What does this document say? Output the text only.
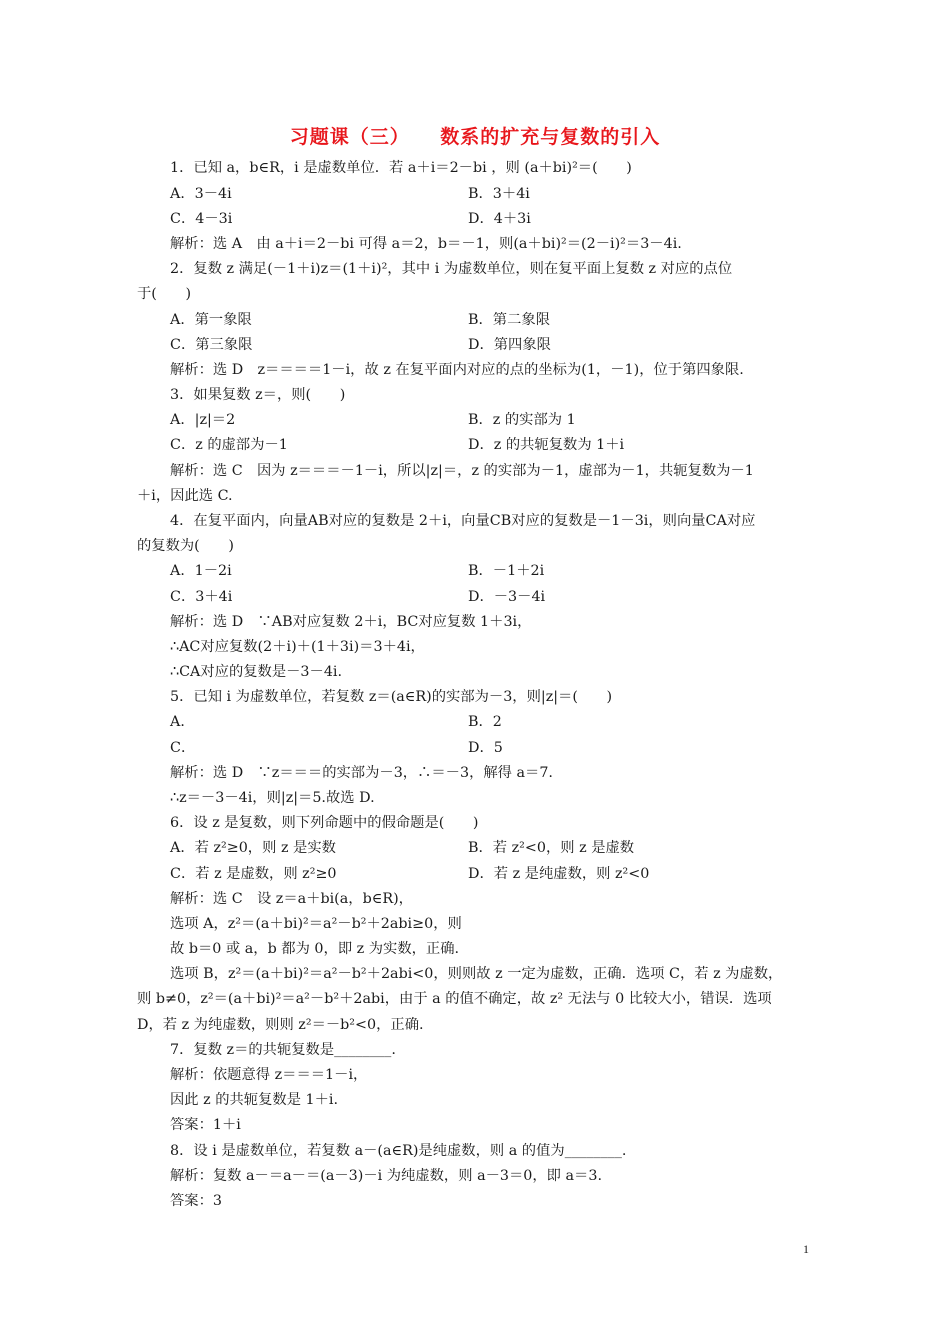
习题课（三）    数系的扩充与复数的引入
1．已知 a，b∈R，i 是虚数单位．若 a＋i＝2－bi ，则 (a＋bi)²＝(　　)
A．3－4i	B．3＋4i
C．4－3i	D．4＋3i
解析：选 A　由 a＋i＝2－bi 可得 a＝2，b＝－1，则(a＋bi)²＝(2－i)²＝3－4i.
2．复数 z 满足(－1＋i)z＝(1＋i)²，其中 i 为虚数单位，则在复平面上复数 z 对应的点位
于(　　)
A．第一象限	B．第二象限
C．第三象限	D．第四象限
解析：选 D　z＝＝＝＝1－i，故 z 在复平面内对应的点的坐标为(1，－1)，位于第四象限.
3．如果复数 z＝，则(　　)
A．|z|＝2	B．z 的实部为 1
C．z 的虚部为－1	D．z 的共轭复数为 1＋i
解析：选 C　因为 z＝＝＝－1－i，所以|z|＝，z 的实部为－1，虚部为－1，共轭复数为－1
＋i，因此选 C.
4．在复平面内，向量AB对应的复数是 2＋i，向量CB对应的复数是－1－3i，则向量CA对应
的复数为(　　)
A．1－2i	B．－1＋2i
C．3＋4i	D．－3－4i
解析：选 D　∵AB对应复数 2＋i，BC对应复数 1＋3i，
∴AC对应复数(2＋i)＋(1＋3i)＝3＋4i，
∴CA对应的复数是－3－4i.
5．已知 i 为虚数单位，若复数 z＝(a∈R)的实部为－3，则|z|＝(　　)
A．	B．2
C．	D．5
解析：选 D　∵z＝＝＝的实部为－3，∴＝－3，解得 a＝7.
∴z＝－3－4i，则|z|＝5.故选 D.
6．设 z 是复数，则下列命题中的假命题是(　　)
A．若 z²≥0，则 z 是实数	B．若 z²<0，则 z 是虚数
C．若 z 是虚数，则 z²≥0	D．若 z 是纯虚数，则 z²<0
解析：选 C　设 z＝a＋bi(a，b∈R)，
选项 A，z²＝(a＋bi)²＝a²－b²＋2abi≥0，则
故 b＝0 或 a，b 都为 0，即 z 为实数，正确.
选项 B，z²＝(a＋bi)²＝a²－b²＋2abi<0，则则故 z 一定为虚数，正确．选项 C，若 z 为虚数，
则 b≠0，z²＝(a＋bi)²＝a²－b²＋2abi，由于 a 的值不确定，故 z² 无法与 0 比较大小，错误．选项
D，若 z 为纯虚数，则则 z²＝－b²<0，正确.
7．复数 z＝的共轭复数是________.
解析：依题意得 z＝＝＝1－i，
因此 z 的共轭复数是 1＋i.
答案：1＋i
8．设 i 是虚数单位，若复数 a－(a∈R)是纯虚数，则 a 的值为________.
解析：复数 a－＝a－＝(a－3)－i 为纯虚数，则 a－3＝0，即 a＝3.
答案：3
1
